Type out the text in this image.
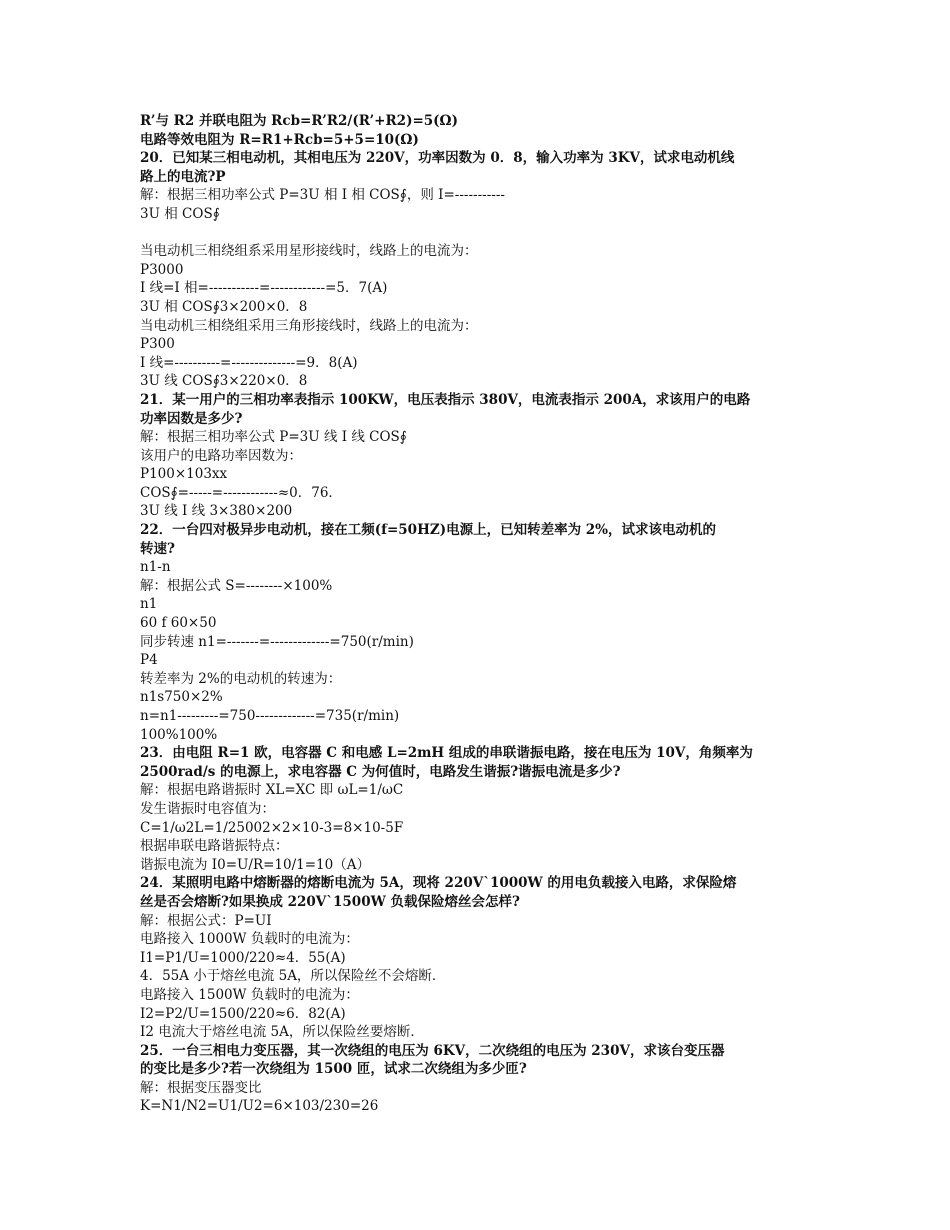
R’与 R2 并联电阻为 Rcb=R’R2/(R’+R2)=5(Ω)
电路等效电阻为 R=R1+Rcb=5+5=10(Ω)
20．已知某三相电动机，其相电压为 220V，功率因数为 0．8，输入功率为 3KV，试求电动机线
路上的电流?P
解：根据三相功率公式 P=3U 相 I 相 COS∮，则 I=-----------
3U 相 COS∮
当电动机三相绕组系采用星形接线时，线路上的电流为：
P3000
I 线=I 相=-----------=------------=5．7(A)
3U 相 COS∮3×200×0．8
当电动机三相绕组采用三角形接线时，线路上的电流为：
P300
I 线=----------=--------------=9．8(A)
3U 线 COS∮3×220×0．8
21．某一用户的三相功率表指示 100KW，电压表指示 380V，电流表指示 200A，求该用户的电路
功率因数是多少?
解：根据三相功率公式 P=3U 线 I 线 COS∮
该用户的电路功率因数为：
P100×103xx
COS∮=-----=------------≈0．76．
3U 线 I 线 3×380×200
22．一台四对极异步电动机，接在工频(f=50HZ)电源上，已知转差率为 2%，试求该电动机的
转速?
n1-n
解：根据公式 S=--------×100%
n1
60 f 60×50
同步转速 n1=-------=-------------=750(r/min)
P4
转差率为 2%的电动机的转速为：
n1s750×2%
n=n1---------=750-------------=735(r/min)
100%100%
23．由电阻 R=1 欧，电容器 C 和电感 L=2mH 组成的串联谐振电路，接在电压为 10V，角频率为
2500rad/s 的电源上，求电容器 C 为何值时，电路发生谐振?谐振电流是多少?
解：根据电路谐振时 XL=XC 即 ωL=1/ωC
发生谐振时电容值为：
C=1/ω2L=1/25002×2×10-3=8×10-5F
根据串联电路谐振特点：
谐振电流为 I0=U/R=10/1=10（A）
24．某照明电路中熔断器的熔断电流为 5A，现将 220V`1000W 的用电负载接入电路，求保险熔
丝是否会熔断?如果换成 220V`1500W 负载保险熔丝会怎样?
解：根据公式：P=UI
电路接入 1000W 负载时的电流为：
I1=P1/U=1000/220≈4．55(A)
4．55A 小于熔丝电流 5A，所以保险丝不会熔断．
电路接入 1500W 负载时的电流为：
I2=P2/U=1500/220≈6．82(A)
I2 电流大于熔丝电流 5A，所以保险丝要熔断．
25．一台三相电力变压器，其一次绕组的电压为 6KV，二次绕组的电压为 230V，求该台变压器
的变比是多少?若一次绕组为 1500 匝，试求二次绕组为多少匝?
解：根据变压器变比
K=N1/N2=U1/U2=6×103/230=26
